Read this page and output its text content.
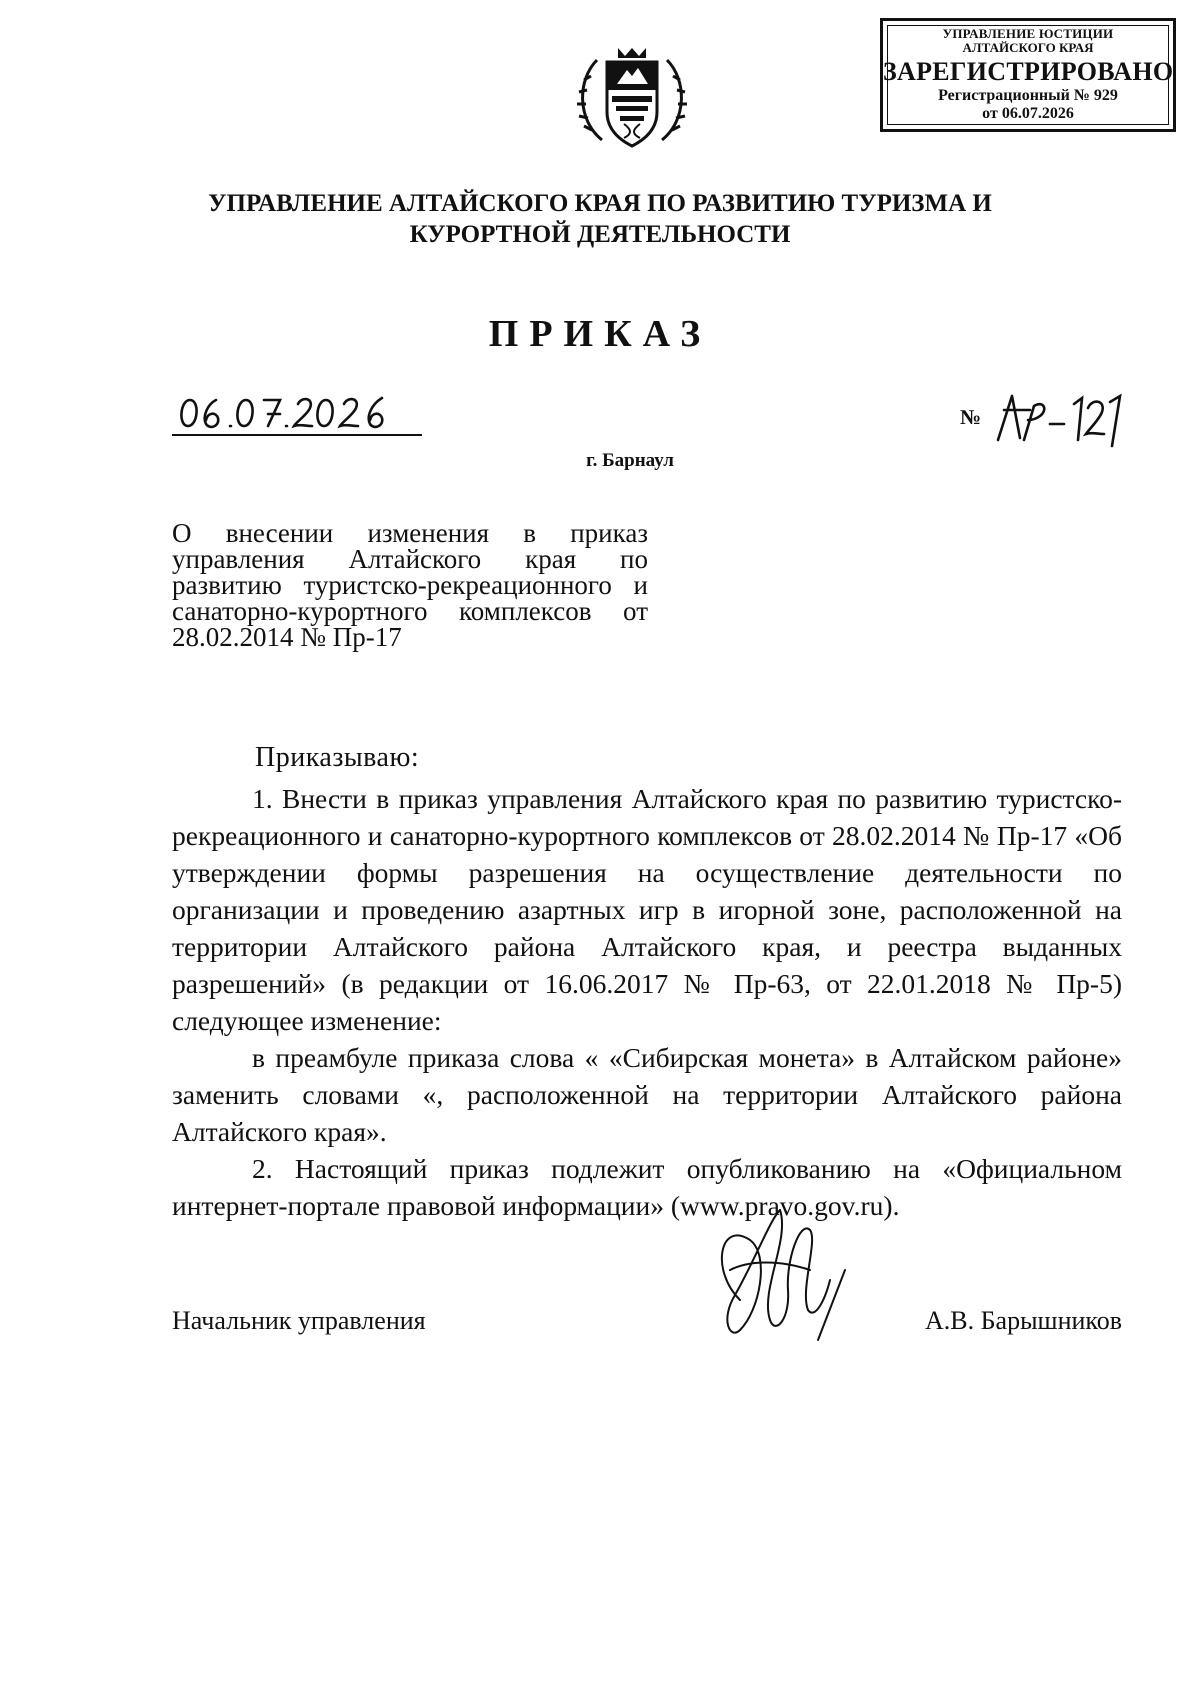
УПРАВЛЕНИЕ ЮСТИЦИИ
АЛТАЙСКОГО КРАЯ
ЗАРЕГИСТРИРОВАНО
Регистрационный № 929
от 06.07.2026
УПРАВЛЕНИЕ АЛТАЙСКОГО КРАЯ ПО РАЗВИТИЮ ТУРИЗМА И КУРОРТНОЙ ДЕЯТЕЛЬНОСТИ
ПРИКАЗ
№
г. Барнаул
О внесении изменения в приказ управления Алтайского края по развитию туристско-рекреационного и санаторно-курортного комплексов от 28.02.2014 № Пр-17
Приказываю:

1. Внести в приказ управления Алтайского края по развитию туристско-рекреационного и санаторно-курортного комплексов от 28.02.2014 № Пр-17 «Об утверждении формы разрешения на осуществление деятельности по организации и проведению азартных игр в игорной зоне, расположенной на территории Алтайского района Алтайского края, и реестра выданных разрешений» (в редакции от 16.06.2017 № Пр-63, от 22.01.2018 № Пр-5) следующее изменение:

в преамбуле приказа слова « «Сибирская монета» в Алтайском районе» заменить словами «, расположенной на территории Алтайского района Алтайского края».

2. Настоящий приказ подлежит опубликованию на «Официальном интернет-портале правовой информации» (www.pravo.gov.ru).

Начальник управления	А.В. Барышников
